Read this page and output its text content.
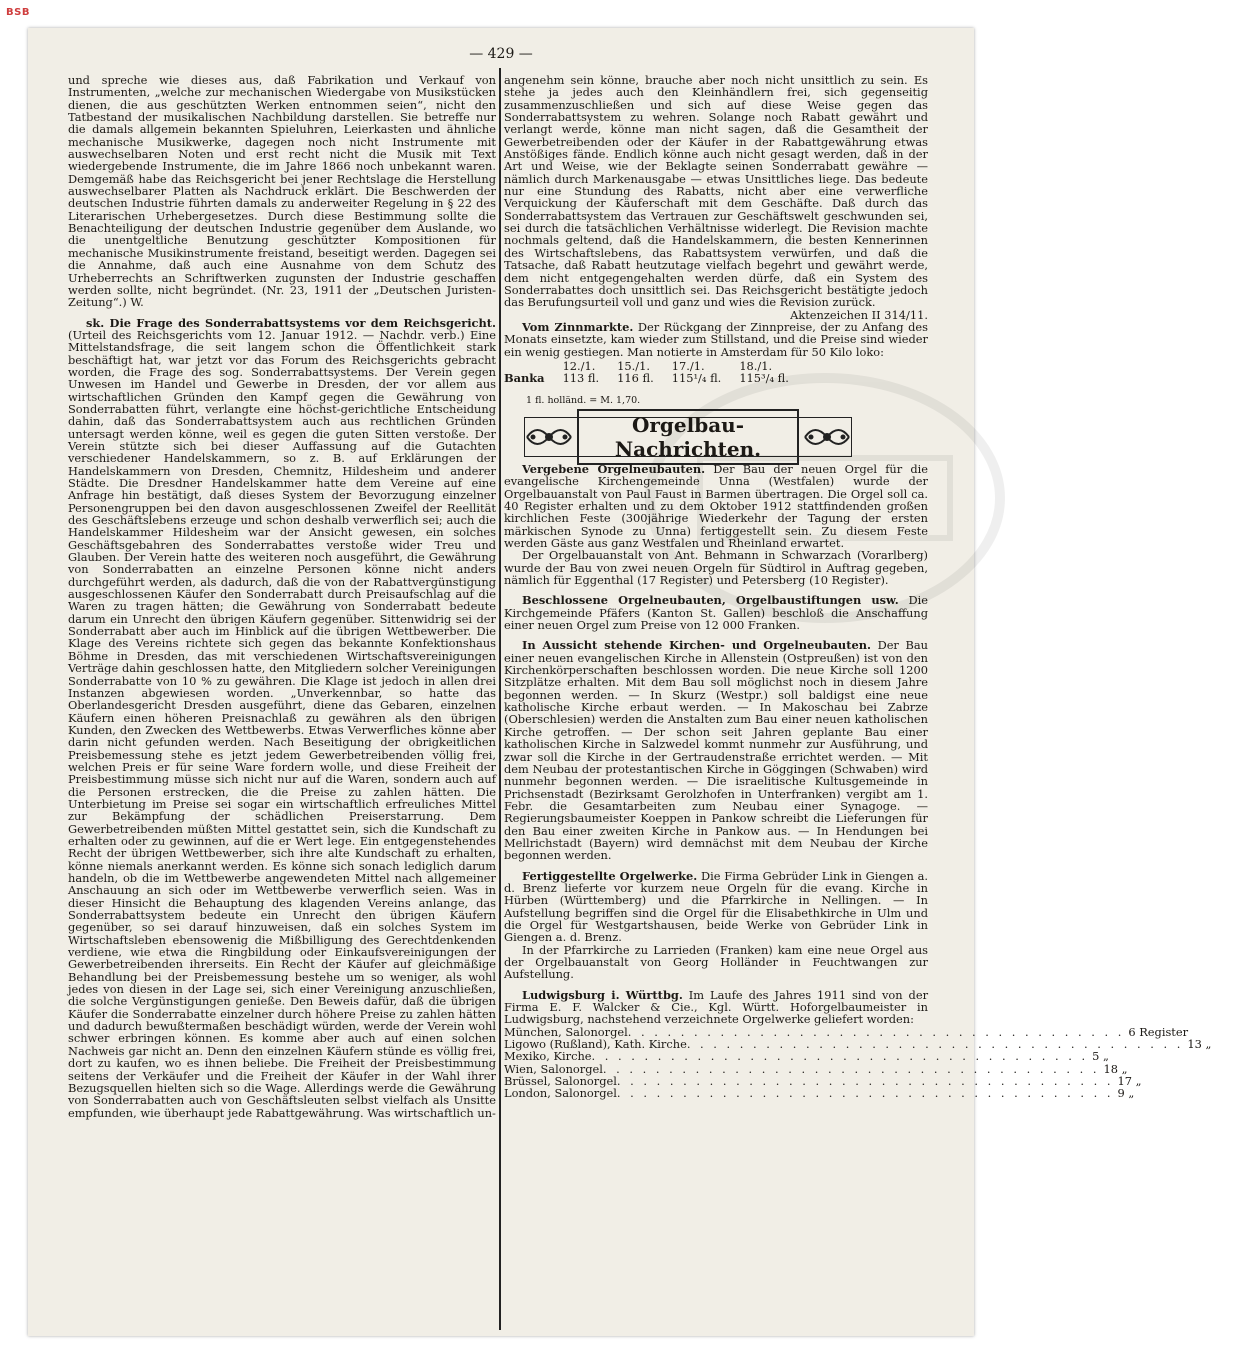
BSB
— 429 —

und spreche wie dieses aus, daß Fabrikation und Verkauf von Instrumenten, „welche zur mechanischen Wiedergabe von Musikstücken dienen, die aus geschützten Werken entnommen seien“, nicht den Tatbestand der musikalischen Nachbildung darstellen. Sie betreffe nur die damals allgemein bekannten Spieluhren, Leierkasten und ähnliche mechanische Musikwerke, dagegen noch nicht Instrumente mit auswechselbaren Noten und erst recht nicht die Musik mit Text wiedergebende Instrumente, die im Jahre 1866 noch unbekannt waren. Demgemäß habe das Reichsgericht bei jener Rechtslage die Herstellung auswechselbarer Platten als Nachdruck erklärt. Die Beschwerden der deutschen Industrie führten damals zu anderweiter Regelung in § 22 des Literarischen Urhebergesetzes. Durch diese Bestimmung sollte die Benachteiligung der deutschen Industrie gegenüber dem Auslande, wo die unentgeltliche Benutzung geschützter Kompositionen für mechanische Musikinstrumente freistand, beseitigt werden. Dagegen sei die Annahme, daß auch eine Ausnahme von dem Schutz des Urheberrechts an Schriftwerken zugunsten der Industrie geschaffen werden sollte, nicht begründet. (Nr. 23, 1911 der „Deutschen Juristen-Zeitung“.) W.

sk. Die Frage des Sonderrabattsystems vor dem Reichsgericht. (Urteil des Reichsgerichts vom 12. Januar 1912. — Nachdr. verb.) Eine Mittelstandsfrage, die seit langem schon die Öffentlichkeit stark beschäftigt hat, war jetzt vor das Forum des Reichsgerichts gebracht worden, die Frage des sog. Sonderrabattsystems. Der Verein gegen Unwesen im Handel und Gewerbe in Dresden, der vor allem aus wirtschaftlichen Gründen den Kampf gegen die Gewährung von Sonderrabatten führt, verlangte eine höchst-gerichtliche Entscheidung dahin, daß das Sonderrabattsystem auch aus rechtlichen Gründen untersagt werden könne, weil es gegen die guten Sitten verstoße. Der Verein stützte sich bei dieser Auffassung auf die Gutachten verschiedener Handelskammern, so z. B. auf Erklärungen der Handelskammern von Dresden, Chemnitz, Hildesheim und anderer Städte. Die Dresdner Handelskammer hatte dem Vereine auf eine Anfrage hin bestätigt, daß dieses System der Bevorzugung einzelner Personengruppen bei den davon ausgeschlossenen Zweifel der Reellität des Geschäftslebens erzeuge und schon deshalb verwerflich sei; auch die Handelskammer Hildesheim war der Ansicht gewesen, ein solches Geschäftsgebahren des Sonderrabattes verstoße wider Treu und Glauben. Der Verein hatte des weiteren noch ausgeführt, die Gewährung von Sonderrabatten an einzelne Personen könne nicht anders durchgeführt werden, als dadurch, daß die von der Rabattvergünstigung ausgeschlossenen Käufer den Sonderrabatt durch Preisaufschlag auf die Waren zu tragen hätten; die Gewährung von Sonderrabatt bedeute darum ein Unrecht den übrigen Käufern gegenüber. Sittenwidrig sei der Sonderrabatt aber auch im Hinblick auf die übrigen Wettbewerber. Die Klage des Vereins richtete sich gegen das bekannte Konfektionshaus Böhme in Dresden, das mit verschiedenen Wirtschaftsvereinigungen Verträge dahin geschlossen hatte, den Mitgliedern solcher Vereinigungen Sonderrabatte von 10 % zu gewähren. Die Klage ist jedoch in allen drei Instanzen abgewiesen worden. „Unverkennbar, so hatte das Oberlandesgericht Dresden ausgeführt, diene das Gebaren, einzelnen Käufern einen höheren Preisnachlaß zu gewähren als den übrigen Kunden, den Zwecken des Wettbewerbs. Etwas Verwerfliches könne aber darin nicht gefunden werden. Nach Beseitigung der obrigkeitlichen Preisbemessung stehe es jetzt jedem Gewerbetreibenden völlig frei, welchen Preis er für seine Ware fordern wolle, und diese Freiheit der Preisbestimmung müsse sich nicht nur auf die Waren, sondern auch auf die Personen erstrecken, die die Preise zu zahlen hätten. Die Unterbietung im Preise sei sogar ein wirtschaftlich erfreuliches Mittel zur Bekämpfung der schädlichen Preiserstarrung. Dem Gewerbetreibenden müßten Mittel gestattet sein, sich die Kundschaft zu erhalten oder zu gewinnen, auf die er Wert lege. Ein entgegenstehendes Recht der übrigen Wettbewerber, sich ihre alte Kundschaft zu erhalten, könne niemals anerkannt werden. Es könne sich sonach lediglich darum handeln, ob die im Wettbewerbe angewendeten Mittel nach allgemeiner Anschauung an sich oder im Wettbewerbe verwerflich seien. Was in dieser Hinsicht die Behauptung des klagenden Vereins anlange, das Sonderrabattsystem bedeute ein Unrecht den übrigen Käufern gegenüber, so sei darauf hinzuweisen, daß ein solches System im Wirtschaftsleben ebensowenig die Mißbilligung des Gerechtdenkenden verdiene, wie etwa die Ringbildung oder Einkaufsvereinigungen der Gewerbetreibenden ihrerseits. Ein Recht der Käufer auf gleichmäßige Behandlung bei der Preisbemessung bestehe um so weniger, als wohl jedes von diesen in der Lage sei, sich einer Vereinigung anzuschließen, die solche Vergünstigungen genieße. Den Beweis dafür, daß die übrigen Käufer die Sonderrabatte einzelner durch höhere Preise zu zahlen hätten und dadurch bewußtermaßen beschädigt würden, werde der Verein wohl schwer erbringen können. Es komme aber auch auf einen solchen Nachweis gar nicht an. Denn den einzelnen Käufern stünde es völlig frei, dort zu kaufen, wo es ihnen beliebe. Die Freiheit der Preisbestimmung seitens der Verkäufer und die Freiheit der Käufer in der Wahl ihrer Bezugsquellen hielten sich so die Wage. Allerdings werde die Gewährung von Sonderrabatten auch von Geschäftsleuten selbst vielfach als Unsitte empfunden, wie überhaupt jede Rabattgewährung. Was wirtschaftlich un-

angenehm sein könne, brauche aber noch nicht unsittlich zu sein. Es stehe ja jedes auch den Kleinhändlern frei, sich gegenseitig zusammenzuschließen und sich auf diese Weise gegen das Sonderrabattsystem zu wehren. Solange noch Rabatt gewährt und verlangt werde, könne man nicht sagen, daß die Gesamtheit der Gewerbetreibenden oder der Käufer in der Rabattgewährung etwas Anstößiges fände. Endlich könne auch nicht gesagt werden, daß in der Art und Weise, wie der Beklagte seinen Sonderrabatt gewähre — nämlich durch Markenausgabe — etwas Unsittliches liege. Das bedeute nur eine Stundung des Rabatts, nicht aber eine verwerfliche Verquickung der Käuferschaft mit dem Geschäfte. Daß durch das Sonderrabattsystem das Vertrauen zur Geschäftswelt geschwunden sei, sei durch die tatsächlichen Verhältnisse widerlegt. Die Revision machte nochmals geltend, daß die Handelskammern, die besten Kennerinnen des Wirtschaftslebens, das Rabattsystem verwürfen, und daß die Tatsache, daß Rabatt heutzutage vielfach begehrt und gewährt werde, dem nicht entgegengehalten werden dürfe, daß ein System des Sonderrabattes doch unsittlich sei. Das Reichsgericht bestätigte jedoch das Berufungsurteil voll und ganz und wies die Revision zurück.

Aktenzeichen II 314/11.

Vom Zinnmarkte. Der Rückgang der Zinnpreise, der zu Anfang des Monats einsetzte, kam wieder zum Stillstand, und die Preise sind wieder ein wenig gestiegen. Man notierte in Amsterdam für 50 Kilo loko:

	12./1.	15./1.	17./1.	18./1.
Banka	113 fl.	116 fl.	115¹/₄ fl.	115³/₄ fl.
1 fl. holländ. = M. 1,70.
Orgelbau-Nachrichten.

Vergebene Orgelneubauten. Der Bau der neuen Orgel für die evangelische Kirchengemeinde Unna (Westfalen) wurde der Orgelbauanstalt von Paul Faust in Barmen übertragen. Die Orgel soll ca. 40 Register erhalten und zu dem Oktober 1912 stattfindenden großen kirchlichen Feste (300jährige Wiederkehr der Tagung der ersten märkischen Synode zu Unna) fertiggestellt sein. Zu diesem Feste werden Gäste aus ganz Westfalen und Rheinland erwartet.

Der Orgelbauanstalt von Ant. Behmann in Schwarzach (Vorarlberg) wurde der Bau von zwei neuen Orgeln für Südtirol in Auftrag gegeben, nämlich für Eggenthal (17 Register) und Petersberg (10 Register).

Beschlossene Orgelneubauten, Orgelbaustiftungen usw. Die Kirchgemeinde Pfäfers (Kanton St. Gallen) beschloß die Anschaffung einer neuen Orgel zum Preise von 12 000 Franken.

In Aussicht stehende Kirchen- und Orgelneubauten. Der Bau einer neuen evangelischen Kirche in Allenstein (Ostpreußen) ist von den Kirchenkörperschaften beschlossen worden. Die neue Kirche soll 1200 Sitzplätze erhalten. Mit dem Bau soll möglichst noch in diesem Jahre begonnen werden. — In Skurz (Westpr.) soll baldigst eine neue katholische Kirche erbaut werden. — In Makoschau bei Zabrze (Oberschlesien) werden die Anstalten zum Bau einer neuen katholischen Kirche getroffen. — Der schon seit Jahren geplante Bau einer katholischen Kirche in Salzwedel kommt nunmehr zur Ausführung, und zwar soll die Kirche in der Gertraudenstraße errichtet werden. — Mit dem Neubau der protestantischen Kirche in Göggingen (Schwaben) wird nunmehr begonnen werden. — Die israelitische Kultusgemeinde in Prichsenstadt (Bezirksamt Gerolzhofen in Unterfranken) vergibt am 1. Febr. die Gesamtarbeiten zum Neubau einer Synagoge. — Regierungsbaumeister Koeppen in Pankow schreibt die Lieferungen für den Bau einer zweiten Kirche in Pankow aus. — In Hendungen bei Mellrichstadt (Bayern) wird demnächst mit dem Neubau der Kirche begonnen werden.

Fertiggestellte Orgelwerke. Die Firma Gebrüder Link in Giengen a. d. Brenz lieferte vor kurzem neue Orgeln für die evang. Kirche in Hürben (Württemberg) und die Pfarrkirche in Nellingen. — In Aufstellung begriffen sind die Orgel für die Elisabethkirche in Ulm und die Orgel für Westgartshausen, beide Werke von Gebrüder Link in Giengen a. d. Brenz.

In der Pfarrkirche zu Larrieden (Franken) kam eine neue Orgel aus der Orgelbauanstalt von Georg Holländer in Feuchtwangen zur Aufstellung.

Ludwigsburg i. Württbg. Im Laufe des Jahres 1911 sind von der Firma E. F. Walcker & Cie., Kgl. Württ. Hoforgelbaumeister in Ludwigsburg, nachstehend verzeichnete Orgelwerke geliefert worden:

München, Salonorgel . . . . . . . . . . . . . . . . . . . . . . . . . . . . . . . . . . . . . . 6 Register
Ligowo (Rußland), Kath. Kirche . . . . . . . . . . . . . . . . . . . . . . . . . . . . . . . . . . . . . . 13 „
Mexiko, Kirche . . . . . . . . . . . . . . . . . . . . . . . . . . . . . . . . . . . . . . 5 „
Wien, Salonorgel . . . . . . . . . . . . . . . . . . . . . . . . . . . . . . . . . . . . . . 18 „
Brüssel, Salonorgel . . . . . . . . . . . . . . . . . . . . . . . . . . . . . . . . . . . . . . 17 „
London, Salonorgel . . . . . . . . . . . . . . . . . . . . . . . . . . . . . . . . . . . . . . 9 „
